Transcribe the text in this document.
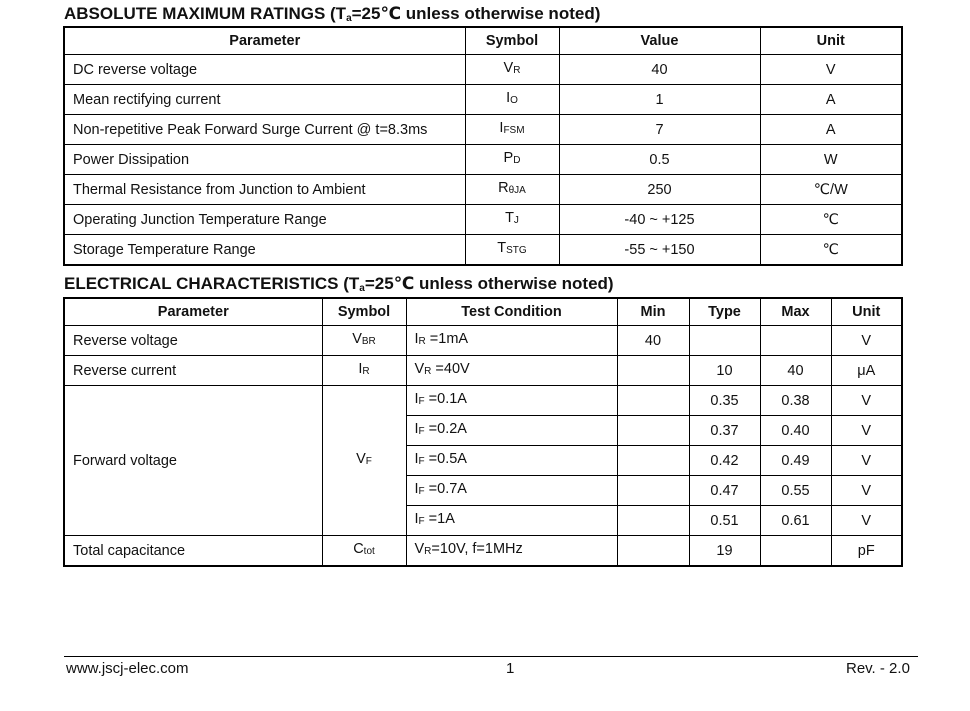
ABSOLUTE MAXIMUM RATINGS ($T_a=25℃$ unless otherwise noted)
Parameter	Symbol	Value	Unit
DC reverse voltage	$V_R$	40	V
Mean rectifying current	$I_O$	1	A
Non-repetitive Peak Forward Surge Current @ t=8.3ms	$I_{FSM}$	7	A
Power Dissipation	$P_D$	0.5	W
Thermal Resistance from Junction to Ambient	$R_{\theta JA}$	250	℃/W
Operating Junction Temperature Range	$T_J$	-40 ~ +125	℃
Storage Temperature Range	$T_{STG}$	-55 ~ +150	℃
ELECTRICAL CHARACTERISTICS ($T_a=25℃$ unless otherwise noted)
Parameter	Symbol	Test Condition	Min	Type	Max	Unit
Reverse voltage	$V_{BR}$	$I_R =1mA$	40			V
Reverse current	$I_R$	$V_R =40V$		10	40	μA
Forward voltage	$V_F$	$I_F =0.1A$		0.35	0.38	V
		$I_F =0.2A$		0.37	0.40	V
		$I_F =0.5A$		0.42	0.49	V
		$I_F =0.7A$		0.47	0.55	V
		$I_F =1A$		0.51	0.61	V
Total capacitance	$C_{tot}$	$V_R=10V$, f=1MHz		19		pF
www.jscj-elec.com	1	Rev. - 2.0
